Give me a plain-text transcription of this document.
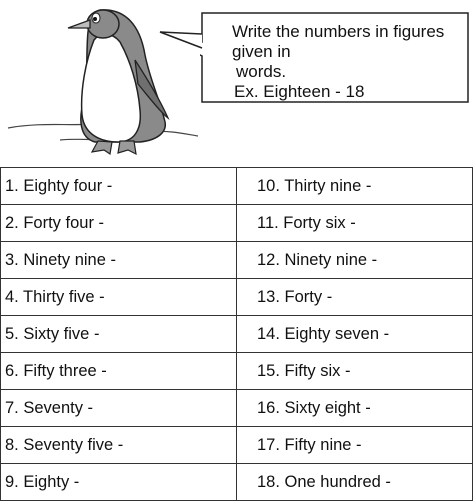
Write the numbers in figures given in
words.
Ex. Eighteen - 18
1. Eighty four -	10. Thirty nine -
2. Forty four -	11. Forty six -
3. Ninety nine -	12. Ninety nine -
4. Thirty five -	13. Forty -
5. Sixty five -	14. Eighty seven -
6. Fifty three -	15. Fifty six -
7. Seventy -	16. Sixty eight -
8. Seventy five -	17. Fifty nine -
9. Eighty -	18. One hundred -
